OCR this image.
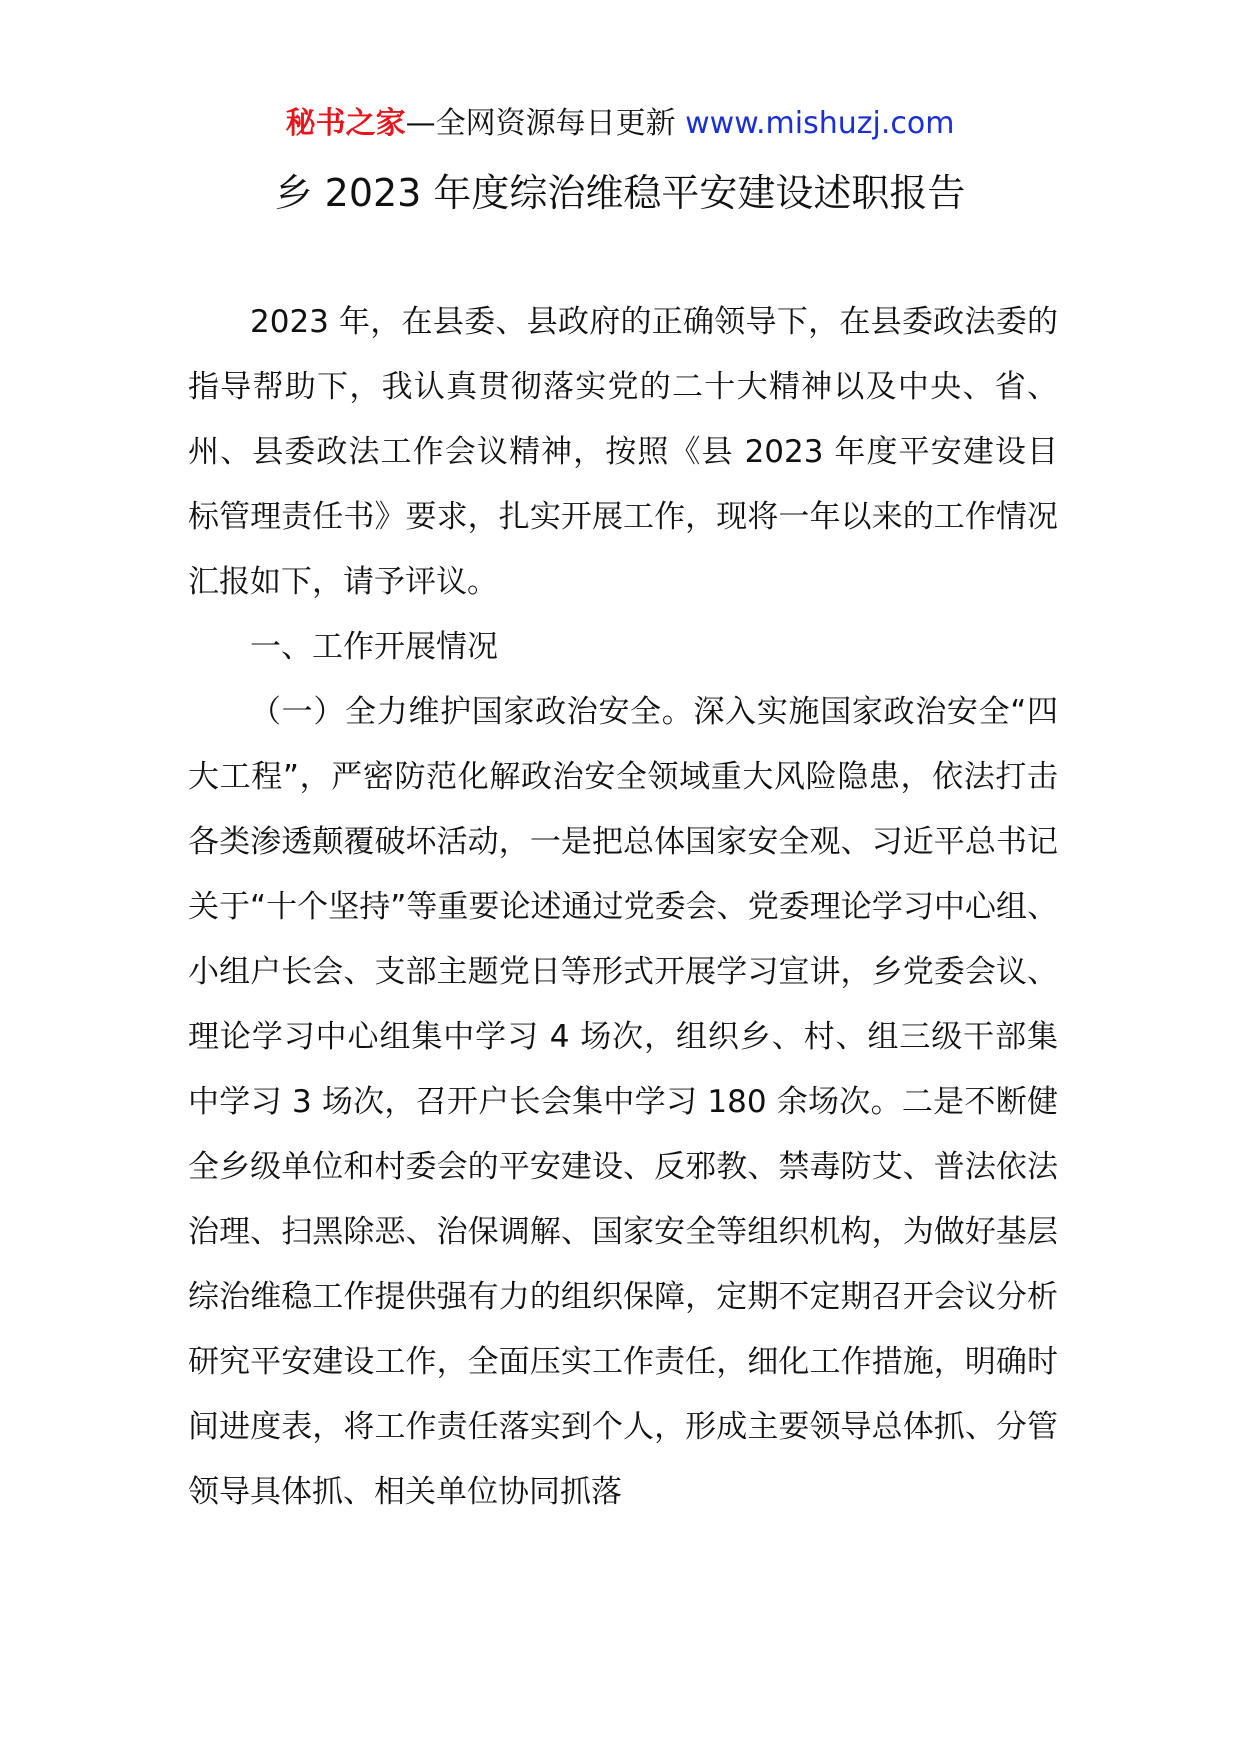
秘书之家—全网资源每日更新 www.mishuzj.com
乡 2023 年度综治维稳平安建设述职报告

2023 年，在县委、县政府的正确领导下，在县委政法委的指导帮助下，我认真贯彻落实党的二十大精神以及中央、省、州、县委政法工作会议精神，按照《县 2023 年度平安建设目标管理责任书》要求，扎实开展工作，现将一年以来的工作情况汇报如下，请予评议。

一、工作开展情况

（一）全力维护国家政治安全。深入实施国家政治安全“四大工程”，严密防范化解政治安全领域重大风险隐患，依法打击各类渗透颠覆破坏活动，一是把总体国家安全观、习近平总书记关于“十个坚持”等重要论述通过党委会、党委理论学习中心组、小组户长会、支部主题党日等形式开展学习宣讲，乡党委会议、理论学习中心组集中学习 4 场次，组织乡、村、组三级干部集中学习 3 场次，召开户长会集中学习 180 余场次。二是不断健全乡级单位和村委会的平安建设、反邪教、禁毒防艾、普法依法治理、扫黑除恶、治保调解、国家安全等组织机构，为做好基层综治维稳工作提供强有力的组织保障，定期不定期召开会议分析研究平安建设工作，全面压实工作责任，细化工作措施，明确时间进度表，将工作责任落实到个人，形成主要领导总体抓、分管领导具体抓、相关单位协同抓落
